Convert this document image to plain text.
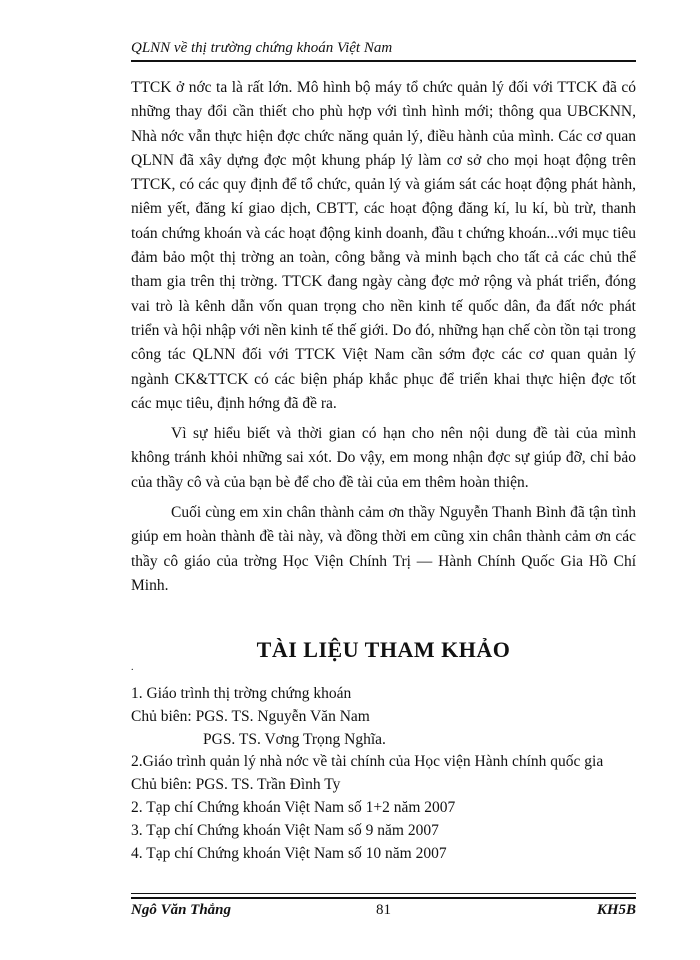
QLNN về thị trường chứng khoán Việt Nam

TTCK ở nớc ta là rất lớn. Mô hình bộ máy tổ chức quản lý đối với TTCK đã có những thay đổi cần thiết cho phù hợp với tình hình mới; thông qua UBCKNN, Nhà nớc vẫn thực hiện đợc chức năng quản lý, điều hành của mình. Các cơ quan QLNN đã xây dựng đợc một khung pháp lý làm cơ sở cho mọi hoạt động trên TTCK, có các quy định để tổ chức, quản lý và giám sát các hoạt động phát hành, niêm yết, đăng kí giao dịch, CBTT, các hoạt động đăng kí, lu kí, bù trừ, thanh toán chứng khoán và các hoạt động kinh doanh, đầu t chứng khoán...với mục tiêu đảm bảo một thị trờng an toàn, công bằng và minh bạch cho tất cả các chủ thể tham gia trên thị trờng. TTCK đang ngày càng đợc mở rộng và phát triển, đóng vai trò là kênh dẫn vốn quan trọng cho nền kinh tế quốc dân, đa đất nớc phát triển và hội nhập với nền kinh tế thế giới. Do đó, những hạn chế còn tồn tại trong công tác QLNN đối với TTCK Việt Nam cần sớm đợc các cơ quan quản lý ngành CK&TTCK có các biện pháp khắc phục để triển khai thực hiện đợc tốt các mục tiêu, định hớng đã đề ra.

Vì sự hiểu biết và thời gian có hạn cho nên nội dung đề tài của mình không tránh khỏi những sai xót. Do vậy, em mong nhận đợc sự giúp đỡ, chỉ bảo của thầy cô và của bạn bè để cho đề tài của em thêm hoàn thiện.

Cuối cùng em xin chân thành cảm ơn thầy Nguyễn Thanh Bình đã tận tình giúp em hoàn thành đề tài này, và đồng thời em cũng xin chân thành cảm ơn các thầy cô giáo của trờng Học Viện Chính Trị — Hành Chính Quốc Gia Hồ Chí Minh.

TÀI LIỆU THAM KHẢO
.

1. Giáo trình thị trờng chứng khoán

Chủ biên: PGS. TS. Nguyễn Văn Nam

PGS. TS. Vơng Trọng Nghĩa.

2.Giáo trình quản lý nhà nớc về tài chính của Học viện Hành chính quốc gia

Chủ biên: PGS. TS. Trần Đình Ty

2. Tạp chí Chứng khoán Việt Nam số 1+2 năm 2007

3. Tạp chí Chứng khoán Việt Nam số 9 năm 2007

4. Tạp chí Chứng khoán Việt Nam số 10 năm 2007

Ngô Văn Thắng	81	KH5B
